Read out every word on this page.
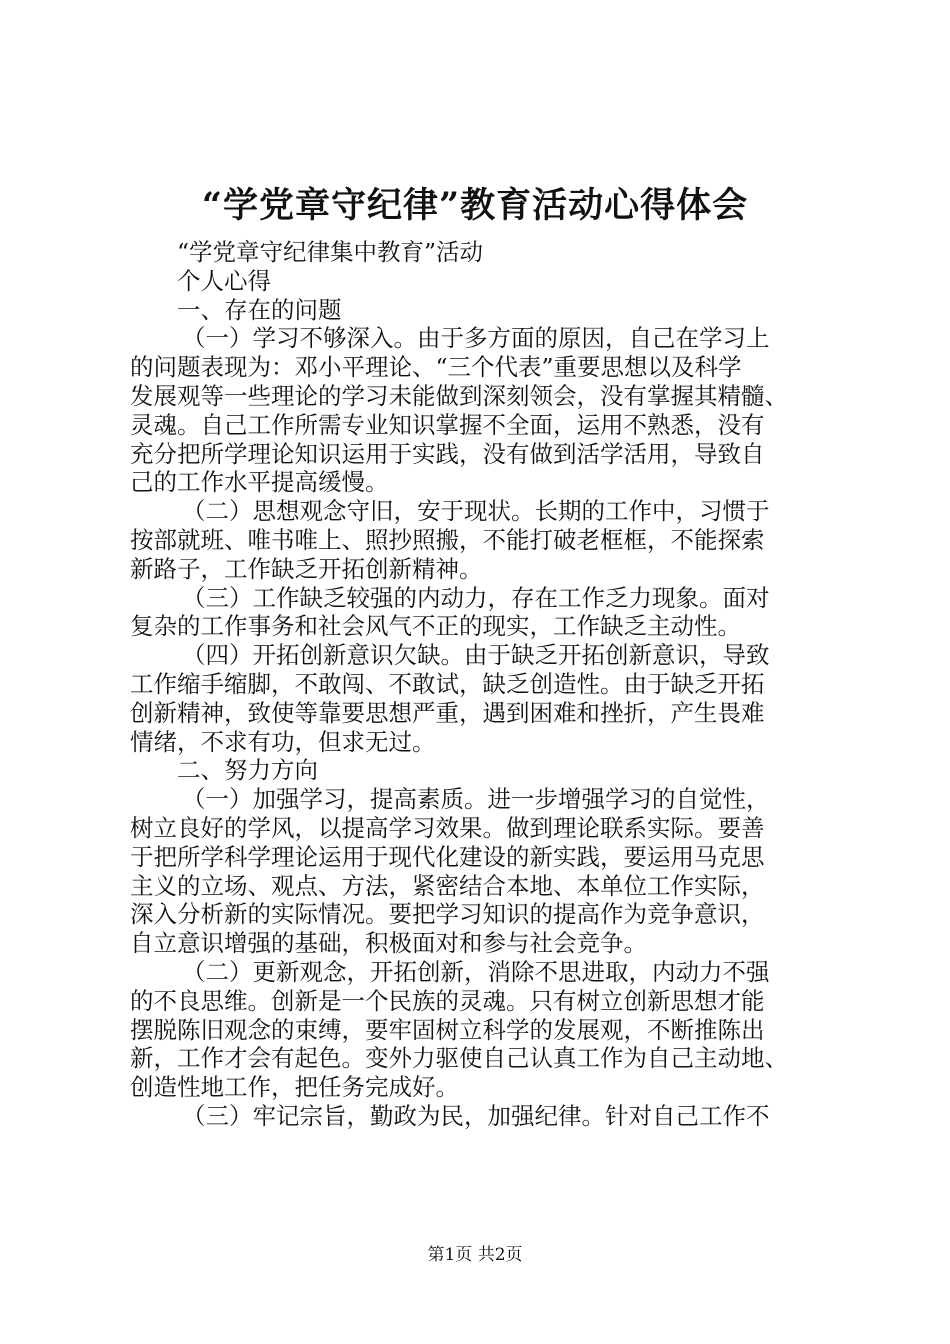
“学党章守纪律”教育活动心得体会
“学党章守纪律集中教育”活动
个人心得
一、存在的问题
（一）学习不够深入。由于多方面的原因，自己在学习上
的问题表现为：邓小平理论、“三个代表”重要思想以及科学
发展观等一些理论的学习未能做到深刻领会，没有掌握其精髓、
灵魂。自己工作所需专业知识掌握不全面，运用不熟悉，没有
充分把所学理论知识运用于实践，没有做到活学活用，导致自
己的工作水平提高缓慢。
（二）思想观念守旧，安于现状。长期的工作中，习惯于
按部就班、唯书唯上、照抄照搬，不能打破老框框，不能探索
新路子，工作缺乏开拓创新精神。
（三）工作缺乏较强的内动力，存在工作乏力现象。面对
复杂的工作事务和社会风气不正的现实，工作缺乏主动性。
（四）开拓创新意识欠缺。由于缺乏开拓创新意识，导致
工作缩手缩脚，不敢闯、不敢试，缺乏创造性。由于缺乏开拓
创新精神，致使等靠要思想严重，遇到困难和挫折，产生畏难
情绪，不求有功，但求无过。
二、努力方向
（一）加强学习，提高素质。进一步增强学习的自觉性，
树立良好的学风，以提高学习效果。做到理论联系实际。要善
于把所学科学理论运用于现代化建设的新实践，要运用马克思
主义的立场、观点、方法，紧密结合本地、本单位工作实际，
深入分析新的实际情况。要把学习知识的提高作为竞争意识，
自立意识增强的基础，积极面对和参与社会竞争。
（二）更新观念，开拓创新，消除不思进取，内动力不强
的不良思维。创新是一个民族的灵魂。只有树立创新思想才能
摆脱陈旧观念的束缚，要牢固树立科学的发展观，不断推陈出
新，工作才会有起色。变外力驱使自己认真工作为自己主动地、
创造性地工作，把任务完成好。
（三）牢记宗旨，勤政为民，加强纪律。针对自己工作不
第1页 共2页
